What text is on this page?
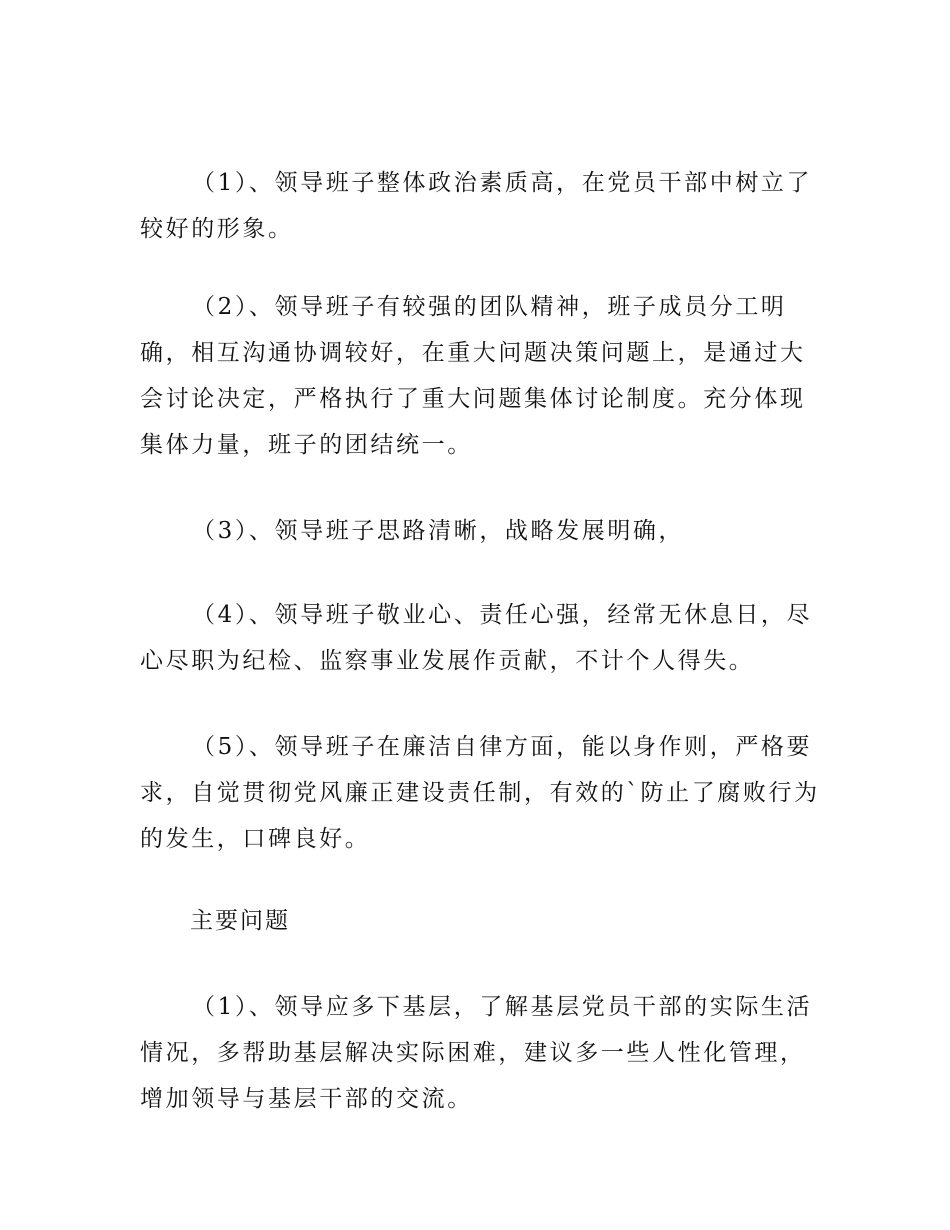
（1）、领导班子整体政治素质高，在党员干部中树立了较好的形象。

（2）、领导班子有较强的团队精神，班子成员分工明确，相互沟通协调较好，在重大问题决策问题上，是通过大会讨论决定，严格执行了重大问题集体讨论制度。充分体现集体力量，班子的团结统一。

（3）、领导班子思路清晰，战略发展明确，

（4）、领导班子敬业心、责任心强，经常无休息日，尽心尽职为纪检、监察事业发展作贡献，不计个人得失。

（5）、领导班子在廉洁自律方面，能以身作则，严格要求，自觉贯彻党风廉正建设责任制，有效的`防止了腐败行为的发生，口碑良好。

主要问题

（1）、领导应多下基层，了解基层党员干部的实际生活情况，多帮助基层解决实际困难，建议多一些人性化管理，增加领导与基层干部的交流。
